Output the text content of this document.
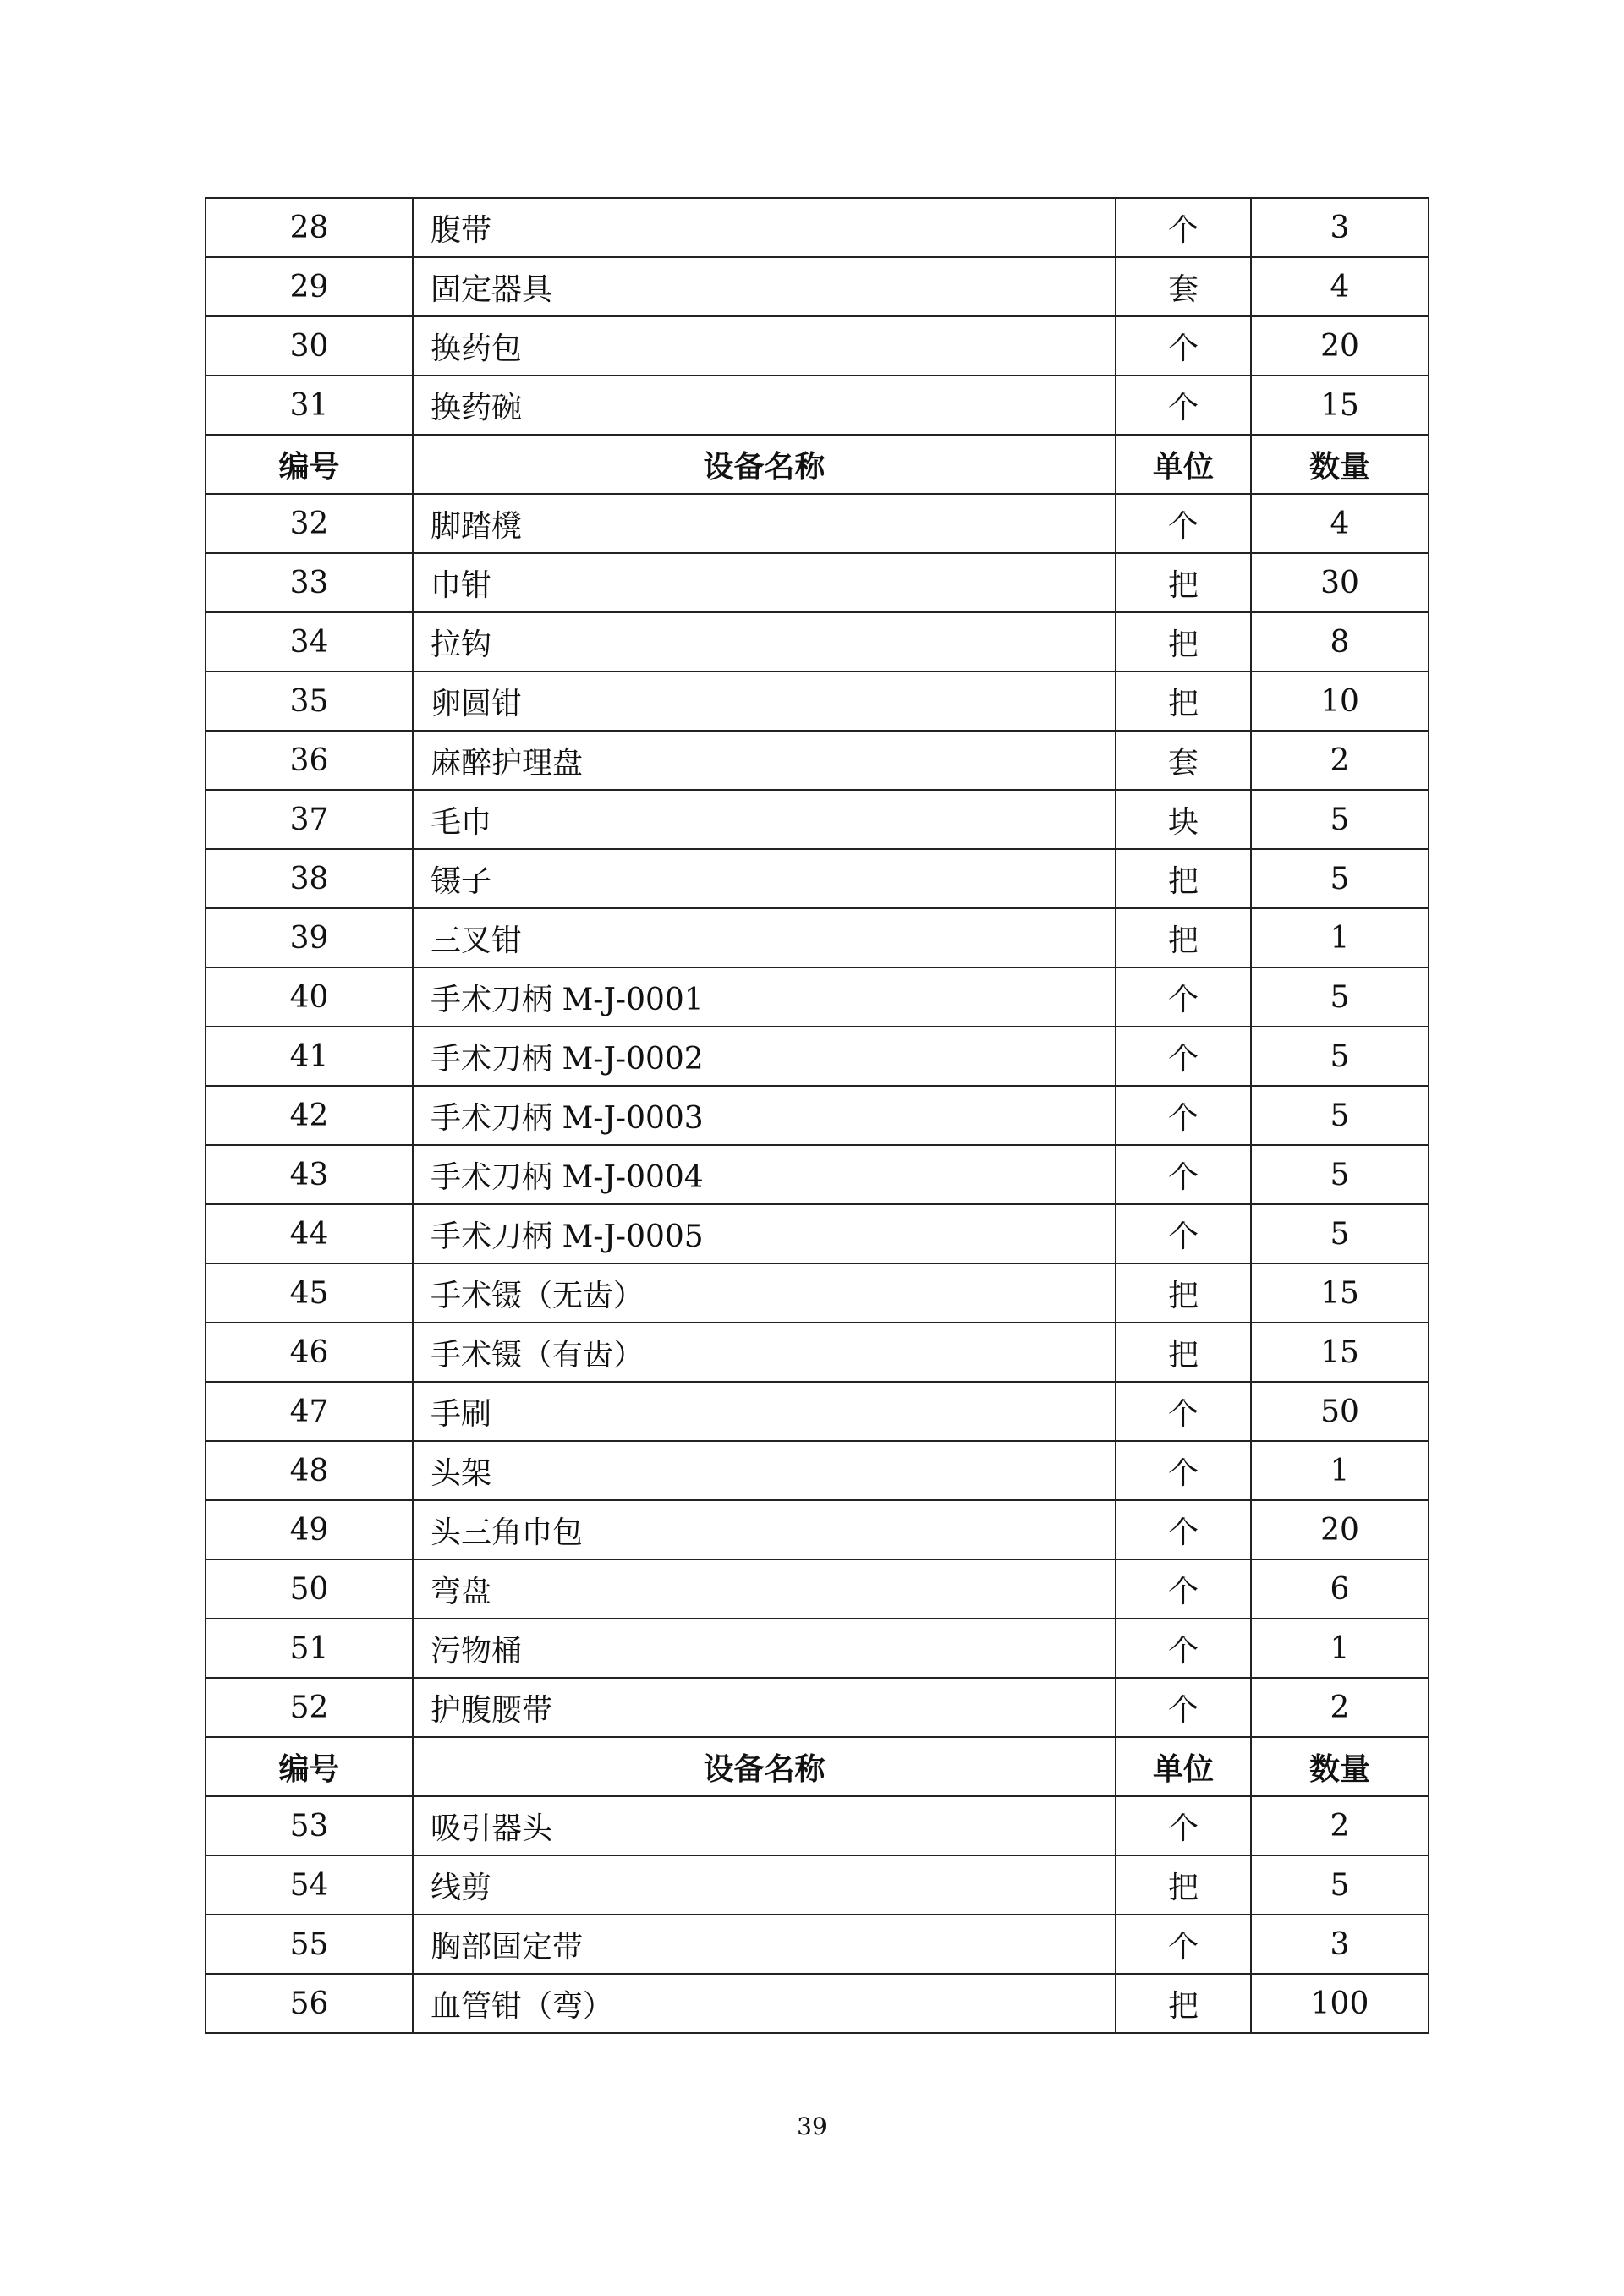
28	腹带	个	3
29	固定器具	套	4
30	换药包	个	20
31	换药碗	个	15
编号	设备名称	单位	数量
32	脚踏櫈	个	4
33	巾钳	把	30
34	拉钩	把	8
35	卵圆钳	把	10
36	麻醉护理盘	套	2
37	毛巾	块	5
38	镊子	把	5
39	三叉钳	把	1
40	手术刀柄 M-J-0001	个	5
41	手术刀柄 M-J-0002	个	5
42	手术刀柄 M-J-0003	个	5
43	手术刀柄 M-J-0004	个	5
44	手术刀柄 M-J-0005	个	5
45	手术镊（无齿）	把	15
46	手术镊（有齿）	把	15
47	手刷	个	50
48	头架	个	1
49	头三角巾包	个	20
50	弯盘	个	6
51	污物桶	个	1
52	护腹腰带	个	2
编号	设备名称	单位	数量
53	吸引器头	个	2
54	线剪	把	5
55	胸部固定带	个	3
56	血管钳（弯）	把	100
39
